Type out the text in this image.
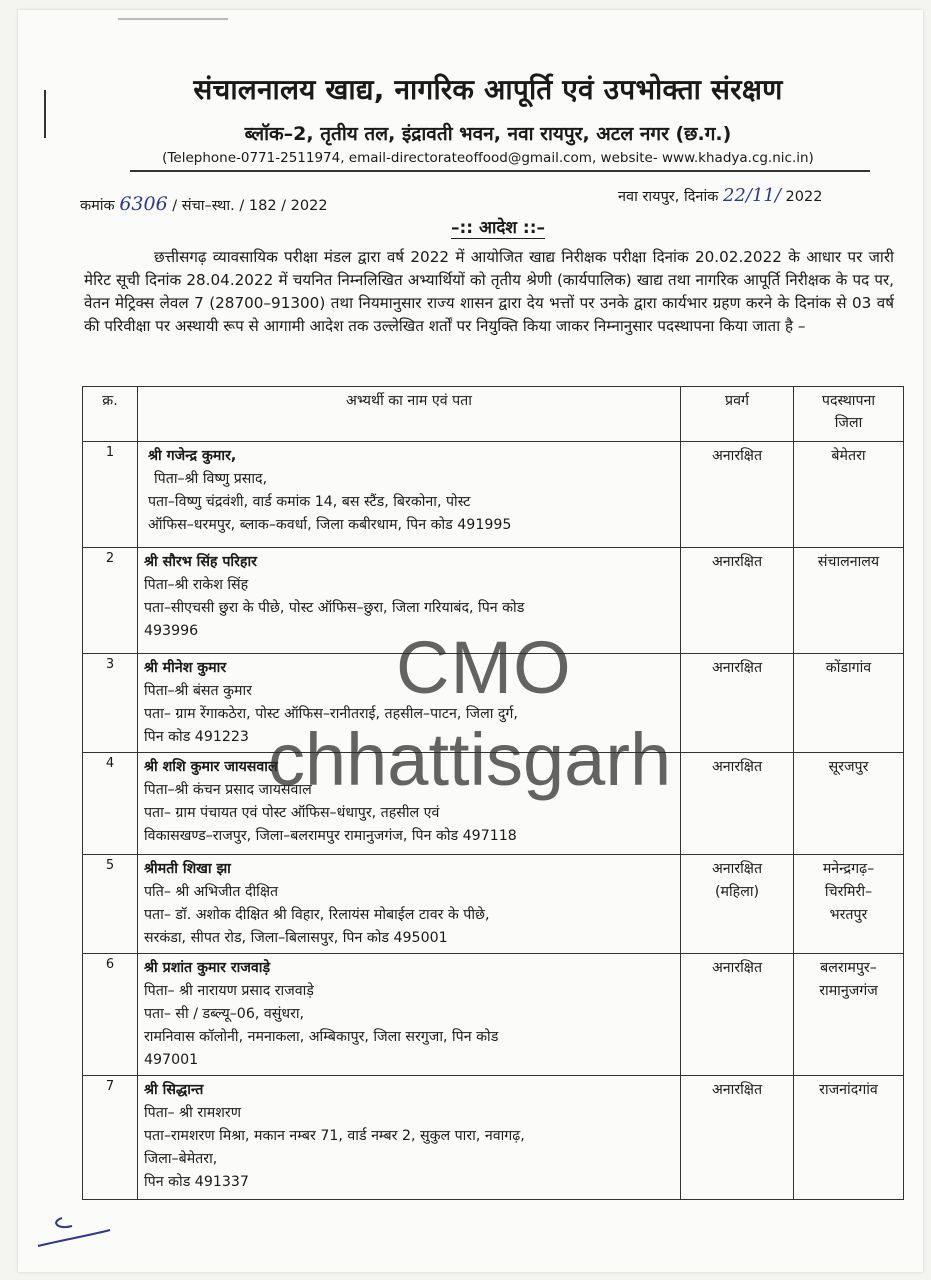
संचालनालय खाद्य, नागरिक आपूर्ति एवं उपभोक्ता संरक्षण
ब्लॉक–2, तृतीय तल, इंद्रावती भवन, नवा रायपुर, अटल नगर (छ.ग.)
(Telephone-0771-2511974, email-directorateoffood@gmail.com, website- www.khadya.cg.nic.in)
कमांक 6306 / संचा–स्था. / 182 / 2022
नवा रायपुर, दिनांक 22/11/ 2022
–:: आदेश ::–

छत्तीसगढ़ व्यावसायिक परीक्षा मंडल द्वारा वर्ष 2022 में आयोजित खाद्य निरीक्षक परीक्षा दिनांक 20.02.2022 के आधार पर जारी मेरिट सूची दिनांक 28.04.2022 में चयनित निम्नलिखित अभ्यार्थियों को तृतीय श्रेणी (कार्यपालिक) खाद्य तथा नागरिक आपूर्ति निरीक्षक के पद पर, वेतन मेट्रिक्स लेवल 7 (28700–91300) तथा नियमानुसार राज्य शासन द्वारा देय भत्तों पर उनके द्वारा कार्यभार ग्रहण करने के दिनांक से 03 वर्ष की परिवीक्षा पर अस्थायी रूप से आगामी आदेश तक उल्लेखित शर्तों पर नियुक्ति किया जाकर निम्नानुसार पदस्थापना किया जाता है –

क्र.	अभ्यर्थी का नाम एवं पता	प्रवर्ग	पदस्थापना
जिला

1	श्री गजेन्द्र कुमार,
पिता–श्री विष्णु प्रसाद,
पता–विष्णु चंद्रवंशी, वार्ड कमांक 14, बस स्टैंड, बिरकोना, पोस्ट
ऑफिस–धरमपुर, ब्लाक–कवर्धा, जिला कबीरधाम, पिन कोड 491995	अनारक्षित	बेमेतरा
2	श्री सौरभ सिंह परिहार
पिता–श्री राकेश सिंह
पता–सीएचसी छुरा के पीछे, पोस्ट ऑफिस–छुरा, जिला गरियाबंद, पिन कोड
493996	अनारक्षित	संचालनालय
3	श्री मीनेश कुमार
पिता–श्री बंसत कुमार
पता– ग्राम रेंगाकठेरा, पोस्ट ऑफिस–रानीतराई, तहसील–पाटन, जिला दुर्ग,
पिन कोड 491223	अनारक्षित	कोंडागांव
4	श्री शशि कुमार जायसवाल
पिता–श्री कंचन प्रसाद जायसवाल
पता– ग्राम पंचायत एवं पोस्ट ऑफिस–धंधापुर, तहसील एवं
विकासखण्ड–राजपुर, जिला–बलरामपुर रामानुजगंज, पिन कोड 497118	अनारक्षित	सूरजपुर
5	श्रीमती शिखा झा
पति– श्री अभिजीत दीक्षित
पता– डॉ. अशोक दीक्षित श्री विहार, रिलायंस मोबाईल टावर के पीछे,
सरकंडा, सीपत रोड, जिला–बिलासपुर, पिन कोड 495001	अनारक्षित
(महिला)	मनेन्द्रगढ़–
चिरमिरी–
भरतपुर

6	श्री प्रशांत कुमार राजवाड़े
पिता– श्री नारायण प्रसाद राजवाड़े
पता– सी / डब्ल्यू–06, वसुंधरा,
रामनिवास कॉलोनी, नमनाकला, अम्बिकापुर, जिला सरगुजा, पिन कोड
497001	अनारक्षित	बलरामपुर–
रामानुजगंज

7	श्री सिद्धान्त
पिता– श्री रामशरण
पता–रामशरण मिश्रा, मकान नम्बर 71, वार्ड नम्बर 2, सुकुल पारा, नवागढ़,
जिला–बेमेतरा,
पिन कोड 491337	अनारक्षित	राजनांदगांव
CMO
chhattisgarh
